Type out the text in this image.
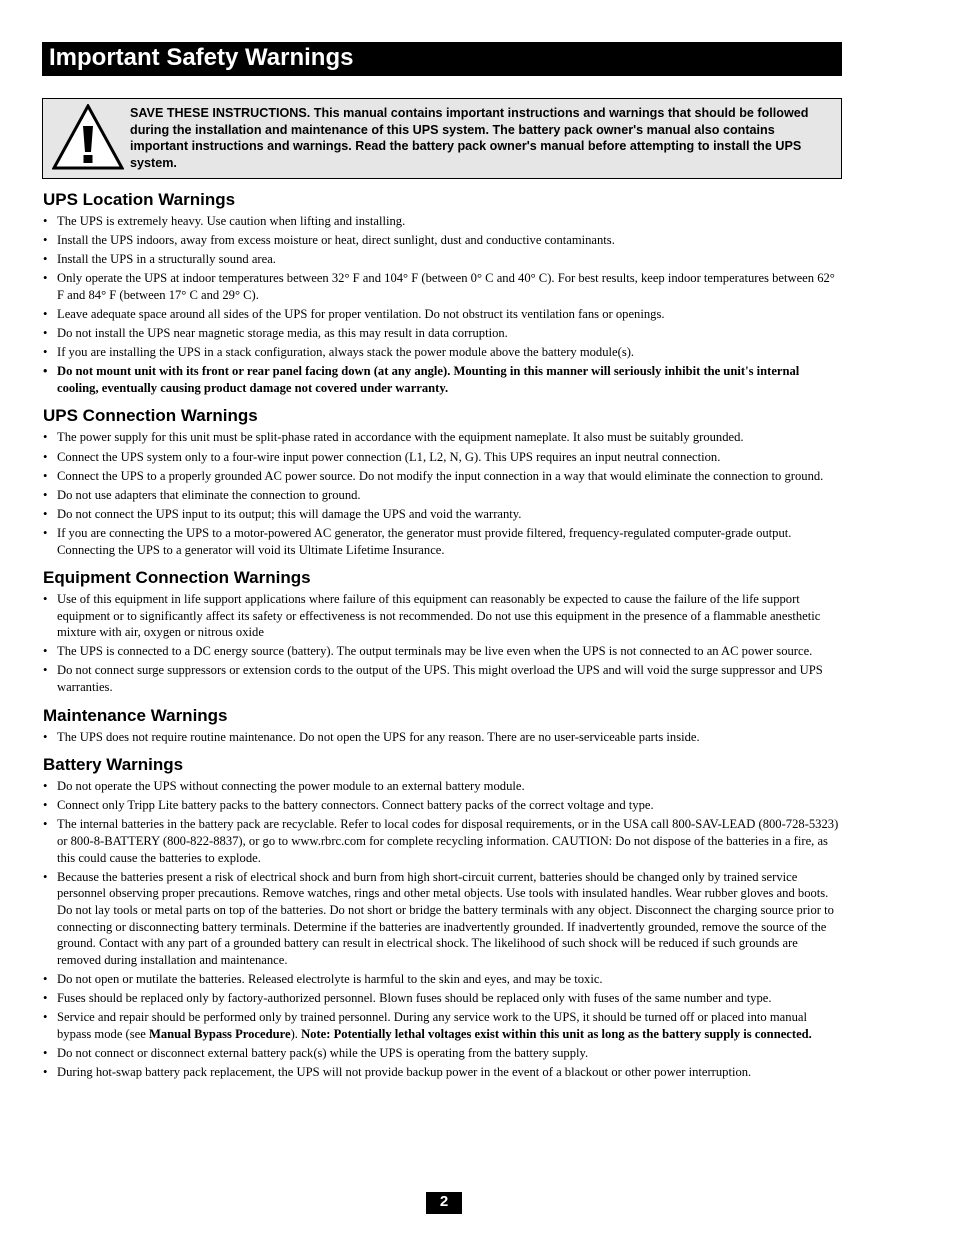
Important Safety Warnings
SAVE THESE INSTRUCTIONS. This manual contains important instructions and warnings that should be followed during the installation and maintenance of this UPS system. The battery pack owner's manual also contains important instructions and warnings. Read the battery pack owner's manual before attempting to install the UPS system.
UPS Location Warnings
• The UPS is extremely heavy. Use caution when lifting and installing.
• Install the UPS indoors, away from excess moisture or heat, direct sunlight, dust and conductive contaminants.
• Install the UPS in a structurally sound area.
• Only operate the UPS at indoor temperatures between 32° F and 104° F (between 0° C and 40° C). For best results, keep indoor temperatures between 62° F and 84° F (between 17° C and 29° C).
• Leave adequate space around all sides of the UPS for proper ventilation. Do not obstruct its ventilation fans or openings.
• Do not install the UPS near magnetic storage media, as this may result in data corruption.
• If you are installing the UPS in a stack configuration, always stack the power module above the battery module(s).
• Do not mount unit with its front or rear panel facing down (at any angle). Mounting in this manner will seriously inhibit the unit's internal cooling, eventually causing product damage not covered under warranty.
UPS Connection Warnings
• The power supply for this unit must be split-phase rated in accordance with the equipment nameplate. It also must be suitably grounded.
• Connect the UPS system only to a four-wire input power connection (L1, L2, N, G). This UPS requires an input neutral connection.
• Connect the UPS to a properly grounded AC power source. Do not modify the input connection in a way that would eliminate the connection to ground.
• Do not use adapters that eliminate the connection to ground.
• Do not connect the UPS input to its output; this will damage the UPS and void the warranty.
• If you are connecting the UPS to a motor-powered AC generator, the generator must provide filtered, frequency-regulated computer-grade output. Connecting the UPS to a generator will void its Ultimate Lifetime Insurance.
Equipment Connection Warnings
• Use of this equipment in life support applications where failure of this equipment can reasonably be expected to cause the failure of the life support equipment or to significantly affect its safety or effectiveness is not recommended. Do not use this equipment in the presence of a flammable anesthetic mixture with air, oxygen or nitrous oxide
• The UPS is connected to a DC energy source (battery). The output terminals may be live even when the UPS is not connected to an AC power source.
• Do not connect surge suppressors or extension cords to the output of the UPS. This might overload the UPS and will void the surge suppressor and UPS warranties.
Maintenance Warnings
• The UPS does not require routine maintenance. Do not open the UPS for any reason. There are no user-serviceable parts inside.
Battery Warnings
• Do not operate the UPS without connecting the power module to an external battery module.
• Connect only Tripp Lite battery packs to the battery connectors. Connect battery packs of the correct voltage and type.
• The internal batteries in the battery pack are recyclable. Refer to local codes for disposal requirements, or in the USA call 800-SAV-LEAD (800-728-5323) or 800-8-BATTERY (800-822-8837), or go to www.rbrc.com for complete recycling information. CAUTION: Do not dispose of the batteries in a fire, as this could cause the batteries to explode.
• Because the batteries present a risk of electrical shock and burn from high short-circuit current, batteries should be changed only by trained service personnel observing proper precautions. Remove watches, rings and other metal objects. Use tools with insulated handles. Wear rubber gloves and boots. Do not lay tools or metal parts on top of the batteries. Do not short or bridge the battery terminals with any object. Disconnect the charging source prior to connecting or disconnecting battery terminals. Determine if the batteries are inadvertently grounded. If inadvertently grounded, remove the source of the ground. Contact with any part of a grounded battery can result in electrical shock. The likelihood of such shock will be reduced if such grounds are removed during installation and maintenance.
• Do not open or mutilate the batteries. Released electrolyte is harmful to the skin and eyes, and may be toxic.
• Fuses should be replaced only by factory-authorized personnel. Blown fuses should be replaced only with fuses of the same number and type.
• Service and repair should be performed only by trained personnel. During any service work to the UPS, it should be turned off or placed into manual bypass mode (see Manual Bypass Procedure). Note: Potentially lethal voltages exist within this unit as long as the battery supply is connected.
• Do not connect or disconnect external battery pack(s) while the UPS is operating from the battery supply.
• During hot-swap battery pack replacement, the UPS will not provide backup power in the event of a blackout or other power interruption.
2
